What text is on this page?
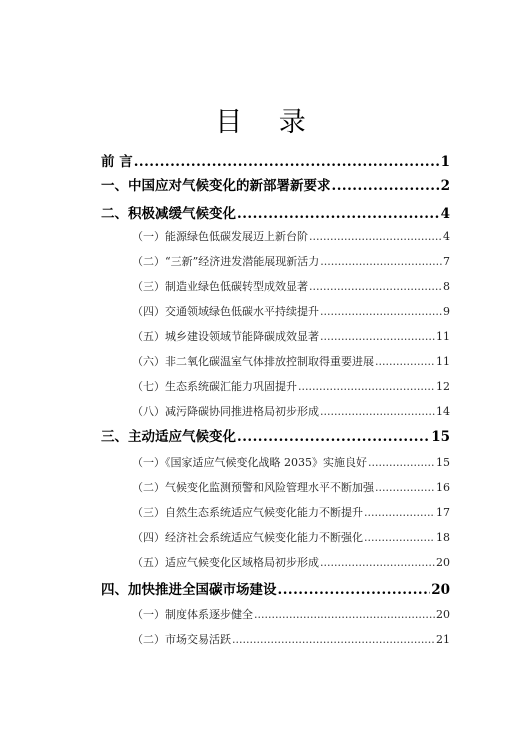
目 录
前 言 .....	1
一、中国应对气候变化的新部署新要求 .....	2
二、积极减缓气候变化 .....	4
（一）能源绿色低碳发展迈上新台阶 .....	4
（二）“三新”经济进发潜能展现新活力 .....	7
（三）制造业绿色低碳转型成效显著 .....	8
（四）交通领域绿色低碳水平持续提升 .....	9
（五）城乡建设领域节能降碳成效显著 .....	11
（六）非二氧化碳温室气体排放控制取得重要进展 .....	11
（七）生态系统碳汇能力巩固提升 .....	12
（八）减污降碳协同推进格局初步形成 .....	14
三、主动适应气候变化 .....	15
（一）《国家适应气候变化战略 2035》实施良好 .....	15
（二）气候变化监测预警和风险管理水平不断加强 .....	16
（三）自然生态系统适应气候变化能力不断提升 .....	17
（四）经济社会系统适应气候变化能力不断强化 .....	18
（五）适应气候变化区域格局初步形成 .....	20
四、加快推进全国碳市场建设 .....	20
（一）制度体系逐步健全 .....	20
（二）市场交易活跃 .....	21
